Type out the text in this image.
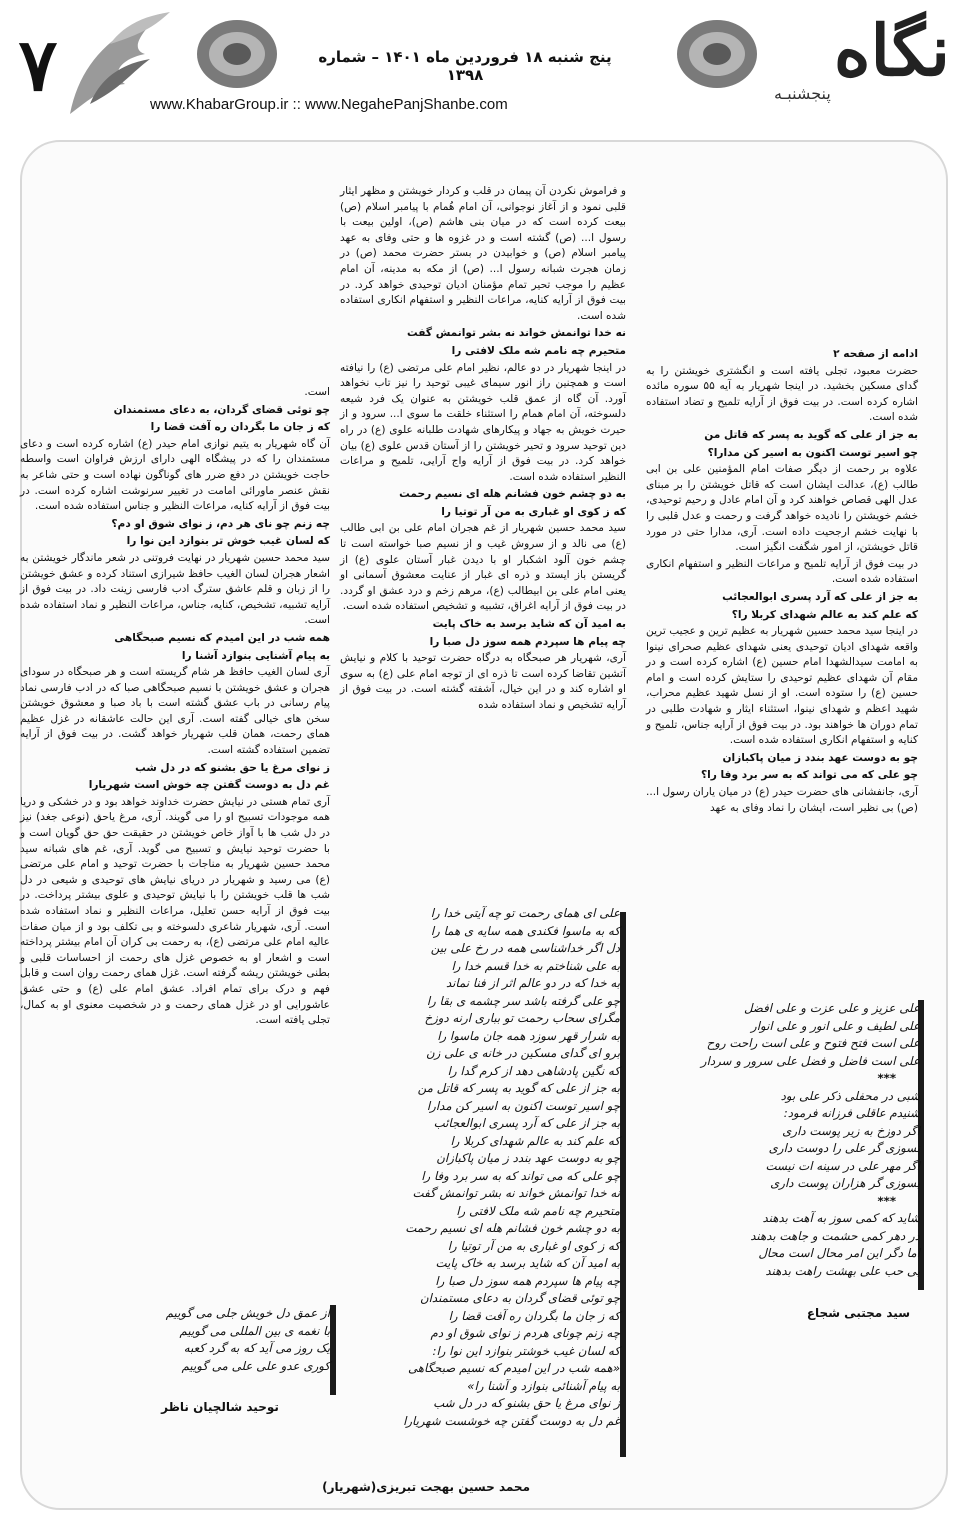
۷	پنج شنبه ۱۸ فروردین ماه ۱۴۰۱ – شماره ۱۳۹۸
www.KhabarGroup.ir :: www.NegahePanjShanbe.com
نگاه
پنجشنبـه

ادامه از صفحه ۲

حضرت معبود، تجلی یافته است و انگشتری خویشتن را به گدای مسکین بخشید. در اینجا شهریار به آیه ۵۵ سوره مائده اشاره کرده است. در بیت فوق از آرایه تلمیح و تضاد استفاده شده است.

به جز از علی که گوید به پسر که قاتل من

چو اسیر توست اکنون به اسیر کن مدارا؟

علاوه بر رحمت از دیگر صفات امام المؤمنین علی بن ابی طالب (ع)، عدالت ایشان است که قاتل خویشتن را بر مبنای عدل الهی قصاص خواهند کرد و آن امام عادل و رحیم توحیدی، خشم خویشتن را نادیده خواهد گرفت و رحمت و عدل قلبی را با نهایت خشم ارجحیت داده است. آری، مدارا حتی در مورد قاتل خویشتن، از امور شگفت انگیز است.

در بیت فوق از آرایه تلمیح و مراعات النظیر و استفهام انکاری استفاده شده است.

به جز از علی که آرد پسری ابوالعجائب

که علم کند به عالم شهدای کربلا را؟

در اینجا سید محمد حسین شهریار به عظیم ترین و عجیب ترین واقعه شهدای ادیان توحیدی یعنی شهدای عظیم صحرای نینوا به امامت سیدالشهدا امام حسین (ع) اشاره کرده است و در مقام آن شهدای عظیم توحیدی را ستایش کرده است و امام حسین (ع) را ستوده است. او از نسل شهید عظیم محراب، شهید اعظم و شهدای نینوا، استثناء ایثار و شهادت طلبی در تمام دوران ها خواهند بود. در بیت فوق از آرایه جناس، تلمیح و کنایه و استفهام انکاری استفاده شده است.

چو به دوست عهد بندد ز میان پاکبازان

چو علی که می تواند که به سر برد وفا را؟

آری، جانفشانی های حضرت حیدر (ع) در میان یاران رسول ا... (ص) بی نظیر است، ایشان را نماد وفای به عهد

و فراموش نکردن آن پیمان در قلب و کردار خویشتن و مظهر ایثار قلبی نمود و از آغاز نوجوانی، آن امام هُمام با پیامبر اسلام (ص) بیعت کرده است که در میان بنی هاشم (ص)، اولین بیعت با رسول ا... (ص) گشته است و در غزوه ها و حتی وفای به عهد پیامبر اسلام (ص) و خوابیدن در بستر حضرت محمد (ص) در زمان هجرت شبانه رسول ا... (ص) از مکه به مدینه، آن امام عظیم را موجب تحیر تمام مؤمنان ادیان توحیدی خواهد کرد. در بیت فوق از آرایه کنایه، مراعات النظیر و استفهام انکاری استفاده شده است.

نه خدا توانمش خواند نه بشر توانمش گفت

متحیرم چه نامم شه ملک لافتی را

در اینجا شهریار در دو عالم، نظیر امام علی مرتضی (ع) را نیافته است و همچنین راز انور سیمای غیبی توحید را نیز تاب نخواهد آورد. آن گاه از عمق قلب خویشتن به عنوان یک فرد شیعه دلسوخته، آن امام همام را استثناء خلقت ما سوی ا... سرود و از حیرت خویش به جهاد و پیکارهای شهادت طلبانه علوی (ع) در راه دین توحید سرود و تحیر خویشتن را از آستان قدس علوی (ع) بیان خواهد کرد. در بیت فوق از آرایه واج آرایی، تلمیح و مراعات النظیر استفاده شده است.

به دو چشم خون فشانم هله ای نسیم رحمت

که ز کوی او غباری به من آر توتیا را

سید محمد حسین شهریار از غم هجران امام علی بن ابی طالب (ع) می نالد و از سروش غیب و از نسیم صبا خواسته است تا چشم خون آلود اشکبار او با دیدن غبار آستان علوی (ع) از گریستن باز ایستد و ذره ای غبار از عنایت معشوق آسمانی او یعنی امام علی بن ابیطالب (ع)، مرهم زخم و درد عشق او گردد. در بیت فوق از آرایه اغراق، تشبیه و تشخیص استفاده شده است.

به امید آن که شاید برسد به خاک پایت

چه پیام ها سپردم همه سوز دل صبا را

آری، شهریار هر صبحگاه به درگاه حضرت توحید با کلام و نیایش آتشین تقاضا کرده است تا ذره ای از توجه امام علی (ع) به سوی او اشاره کند و در این خیال، آشفته گشته است. در بیت فوق از آرایه تشخیص و نماد استفاده شده

است.

چو توئی قضای گردان، به دعای مستمندان

که ز جان ما بگردان ره آفت قضا را

آن گاه شهریار به یتیم نوازی امام حیدر (ع) اشاره کرده است و دعای مستمندان را که در پیشگاه الهی دارای ارزش فراوان است واسطه حاجت خویشتن در دفع ضرر های گوناگون نهاده است و حتی شاعر به نقش عنصر ماورائی امامت در تغییر سرنوشت اشاره کرده است. در بیت فوق از آرایه کنایه، مراعات النظیر و جناس استفاده شده است.

چه زنم چو نای هر دم، ز نوای شوق او دم؟

که لسان غیب خوش تر بنوازد این نوا را

سید محمد حسین شهریار در نهایت فروتنی در شعر ماندگار خویشتن به اشعار هجران لسان الغیب حافظ شیرازی استناد کرده و عشق خویشتن را از زبان و قلم عاشق سترگ ادب فارسی زینت داد. در بیت فوق از آرایه تشبیه، تشخیص، کنایه، جناس، مراعات النظیر و نماد استفاده شده است.

همه شب در این امیدم که نسیم صبحگاهی

به پیام آشنایی بنوازد آشنا را

آری لسان الغیب حافظ هر شام گریسته است و هر صبحگاه در سودای هجران و عشق خویشتن با نسیم صبحگاهی صبا که در ادب فارسی نماد پیام رسانی در باب عشق گشته است با باد صبا و معشوق خویشتن سخن های خیالی گفته است. آری این حالت عاشقانه در غزل عظیم همای رحمت، همان قلب شهریار خواهد گشت. در بیت فوق از آرایه تضمین استفاده گشته است.

ز نوای مرغ یا حق بشنو که در دل شب

غم دل به دوست گفتن چه خوش است شهریارا

آری تمام هستی در نیایش حضرت خداوند خواهد بود و در خشکی و دریا همه موجودات تسبیح او را می گویند. آری، مرغ یاحق (نوعی جغد) نیز در دل شب ها با آواز خاص خویشتن در حقیقت حق حق گویان است و با حضرت توحید نیایش و تسبیح می گوید. آری، غم های شبانه سید محمد حسین شهریار به مناجات با حضرت توحید و امام علی مرتضی (ع) می رسید و شهریار در دریای نیایش های توحیدی و شیعی در دل شب ها قلب خویشتن را با نیایش توحیدی و علوی بیشتر پرداخت. در بیت فوق از آرایه حسن تعلیل، مراعات النظیر و نماد استفاده شده است. آری، شهریار شاعری دلسوخته و بی تکلف بود و از میان صفات عالیه امام علی مرتضی (ع)، به رحمت بی کران آن امام بیشتر پرداخته است و اشعار او به خصوص غزل های رحمت از احساسات قلبی و بطنی خویشتن ریشه گرفته است. غزل همای رحمت روان است و قابل فهم و درک برای تمام افراد. عشق امام علی (ع) و حتی عشق عاشورایی او در غزل همای رحمت و در شخصیت معنوی او به کمال، تجلی یافته است.

علی ای همای رحمت تو چه آیتی خدا را

که به ماسوا فکندی همه سایه ی هما را

دل اگر خداشناسی همه در رخ علی بین

به علی شناختم به خدا قسم خدا را

به خدا که در دو عالم اثر از فنا نماند

چو علی گرفته باشد سر چشمه ی بقا را

مگرای سحاب رحمت تو بباری ارنه دوزخ

به شرار قهر سوزد همه جان ماسوا را

برو ای گدای مسکین در خانه ی علی زن

که نگین پادشاهی دهد از کرم گدا را

به جز از علی که گوید به پسر که قاتل من

چو اسیر توست اکنون به اسیر کن مدارا

به جز از علی که آرد پسری ابوالعجائب

که علم کند به عالم شهدای کربلا را

چو به دوست عهد بندد ز میان پاکبازان

چو علی که می تواند که به سر برد وفا را

نه خدا توانمش خواند نه بشر توانمش گفت

متحیرم چه نامم شه ملک لافتی را

به دو چشم خون فشانم هله ای نسیم رحمت

که ز کوی او غباری به من آر توتیا را

به امید آن که شاید برسد به خاک پایت

چه پیام ها سپردم همه سوز دل صبا را

چو توئی قضای گردان به دعای مستمندان

که ز جان ما بگردان ره آفت قضا را

چه زنم چونای هردم ز نوای شوق او دم

که لسان غیب خوشتر بنوازد این نوا را:

«همه شب در این امیدم که نسیم صبحگاهی

به پیام آشنائی بنوازد و آشنا را»

ز نوای مرغ یا حق بشنو که در دل شب

غم دل به دوست گفتن چه خوشست شهریارا

محمد حسین بهجت تبریزی(شهریار)

علی عزیز و علی عزت و علی افضل

علی لطیف و علی انور و علی انوار

علی است فتح فتوح و علی است راحت روح

علی است فاضل و فضل علی سرور و سردار

***

شبی در محفلی ذکر علی بود

شنیدم عاقلی فرزانه فرمود:

اگر دوزخ به زیر پوست داری

نسوزی گر علی را دوست داری

اگر مهر علی در سینه ات نیست

بسوزی گر هزاران پوست داری

***

شاید که کمی سوز به آهت بدهند

در دهر کمی حشمت و جاهت بدهند

اما دگر این امر محال است محال

بی حب علی بهشت راهت بدهند

سید مجتبی شجاع

از عمق دل خویش جلی می گوییم

با نغمه ی بین المللی می گوییم

یک روز می آید که به گرد کعبه

کوری عدو علی علی می گوییم

توحید شالچیان ناظر
